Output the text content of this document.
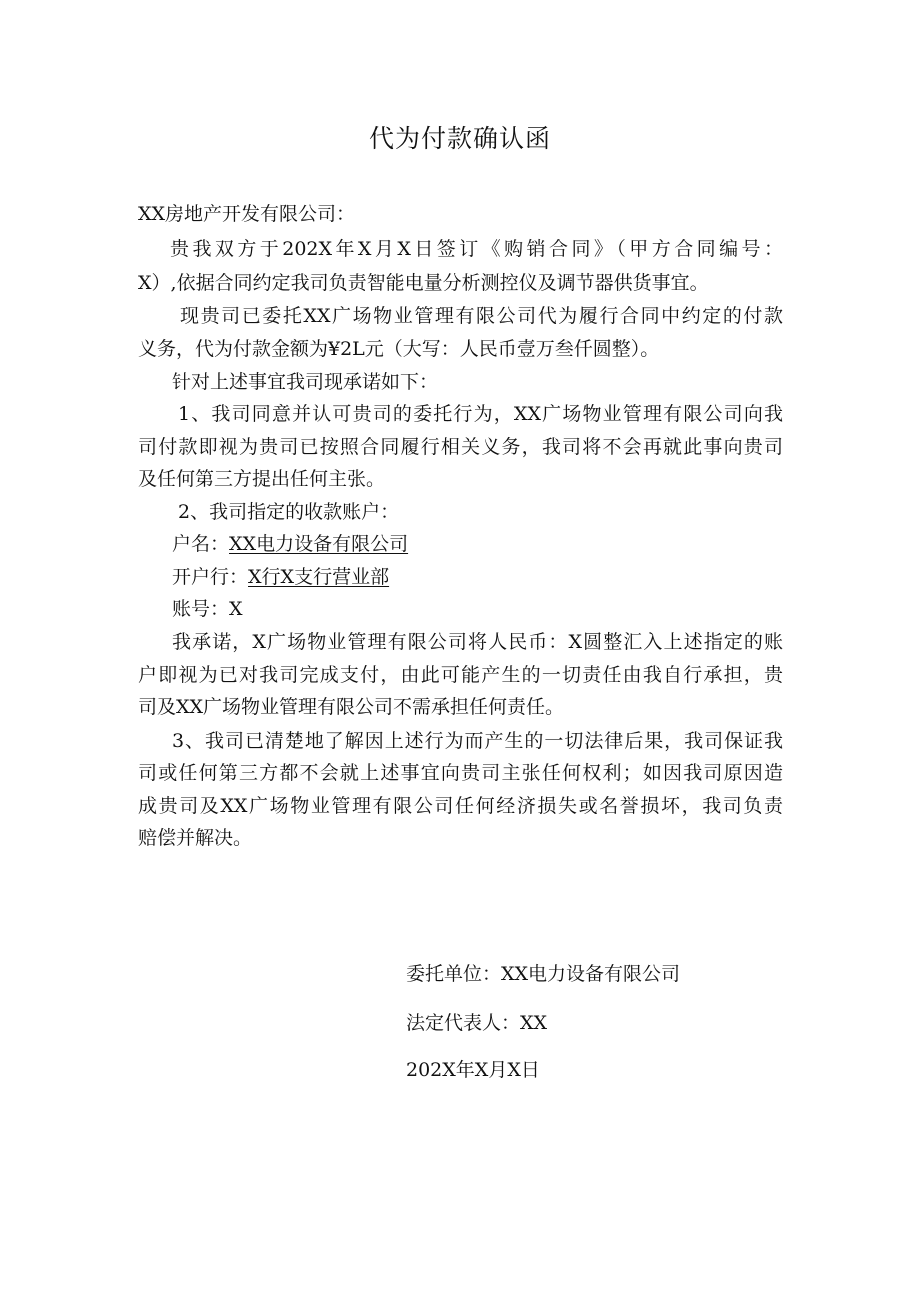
代为付款确认函
XX房地产开发有限公司：
贵我双方于202X年X月X日签订《购销合同》（甲方合同编号：
X）,依据合同约定我司负责智能电量分析测控仪及调节器供货事宜。
现贵司已委托XX广场物业管理有限公司代为履行合同中约定的付款
义务，代为付款金额为¥2L元（大写：人民币壹万叁仟圆整）。
针对上述事宜我司现承诺如下：
1、我司同意并认可贵司的委托行为，XX广场物业管理有限公司向我
司付款即视为贵司已按照合同履行相关义务，我司将不会再就此事向贵司
及任何第三方提出任何主张。
2、我司指定的收款账户：
户名：XX电力设备有限公司
开户行：X行X支行营业部
账号：X
我承诺，X广场物业管理有限公司将人民币：X圆整汇入上述指定的账
户即视为已对我司完成支付，由此可能产生的一切责任由我自行承担，贵
司及XX广场物业管理有限公司不需承担任何责任。
3、我司已清楚地了解因上述行为而产生的一切法律后果，我司保证我
司或任何第三方都不会就上述事宜向贵司主张任何权利；如因我司原因造
成贵司及XX广场物业管理有限公司任何经济损失或名誉损坏，我司负责
赔偿并解决。
委托单位：XX电力设备有限公司
法定代表人：XX
202X年X月X日
